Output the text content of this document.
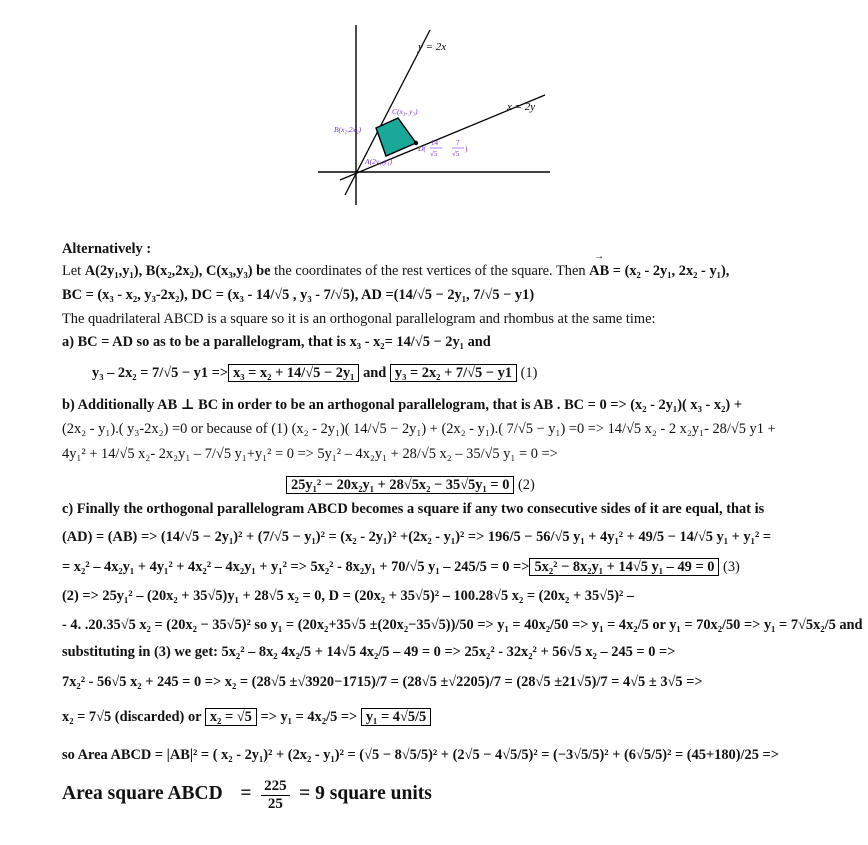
y = 2x
x = 2y
B(x₂,2x₂)
C(x₃, y₃)
A(2y₁,y₁)
D(
14
√5
7
√5
)
Alternatively :
Let A(2y₁,y₁), B(x₂,2x₂), C(x₃,y₃) be the coordinates of the rest vertices of the square. Then → AB = (x₂ - 2y₁, 2x₂ - y₁),
BC = (x₃ - x₂, y₃-2x₂), DC = (x₃ - 14/√5 , y₃ - 7/√5), AD =(14/√5 − 2y₁, 7/√5 − y1)
The quadrilateral ABCD is a square so it is an orthogonal parallelogram and rhombus at the same time:
a) BC = AD so as to be a parallelogram, that is x₃ - x₂= 14/√5 − 2y₁ and
y₃ – 2x₂ = 7/√5 − y1 => x₃ = x₂ + 14/√5 − 2y₁ and y₃ = 2x₂ + 7/√5 − y1 (1)
b) Additionally AB ⊥ BC in order to be an arthogonal parallelogram, that is AB . BC = 0 => (x₂ - 2y₁)( x₃ - x₂) +
(2x₂ - y₁).( y₃-2x₂) =0 or because of (1) (x₂ - 2y₁)( 14/√5 − 2y₁) + (2x₂ - y₁).( 7/√5 − y₁) =0 => 14/√5 x₂ - 2 x₂y₁- 28/√5 y1 +
4y₁² + 14/√5 x₂- 2x₂y₁ – 7/√5 y₁+y₁² = 0 => 5y₁² – 4x₂y₁ + 28/√5 x₂ – 35/√5 y₁ = 0 =>
25y₁² − 20x₂y₁ + 28√5x₂ − 35√5y₁ = 0 (2)
c) Finally the orthogonal parallelogram ABCD becomes a square if any two consecutive sides of it are equal, that is
(AD) = (AB) => (14/√5 − 2y₁)² + (7/√5 − y₁)² = (x₂ - 2y₁)² +(2x₂ - y₁)² => 196/5 − 56/√5 y₁ + 4y₁² + 49/5 − 14/√5 y₁ + y₁² =
= x₂² – 4x₂y₁ + 4y₁² + 4x₂² – 4x₂y₁ + y₁² => 5x₂² - 8x₂y₁ + 70/√5 y₁ – 245/5 = 0 => 5x₂² − 8x₂y₁ + 14√5 y₁ – 49 = 0 (3)
(2) => 25y₁² – (20x₂ + 35√5)y₁ + 28√5 x₂ = 0, D = (20x₂ + 35√5)² – 100.28√5 x₂ = (20x₂ + 35√5)² –
- 4. .20.35√5 x₂ = (20x₂ − 35√5)² so y₁ = (20x₂+35√5 ±(20x₂−35√5))/50 => y₁ = 40x₂/50 => y₁ = 4x₂/5 or y₁ = 70x₂/50 => y₁ = 7√5x₂/5 and
substituting in (3) we get: 5x₂² – 8x₂ 4x₂/5 + 14√5 4x₂/5 – 49 = 0 => 25x₂² - 32x₂² + 56√5 x₂ – 245 = 0 =>
7x₂² - 56√5 x₂ + 245 = 0 => x₂ = (28√5 ±√3920−1715)/7 = (28√5 ±√2205)/7 = (28√5 ±21√5)/7 = 4√5 ± 3√5 =>
x₂ = 7√5 (discarded) or x₂ = √5 => y₁ = 4x₂/5 => y₁ = 4√5/5
so Area ABCD = |AB|² = ( x₂ - 2y₁)² + (2x₂ - y₁)² = (√5 − 8√5/5)² + (2√5 − 4√5/5)² = (−3√5/5)² + (6√5/5)² = (45+180)/25 =>
Area square ABCD = $\frac{225}{25} = 9$ square units
